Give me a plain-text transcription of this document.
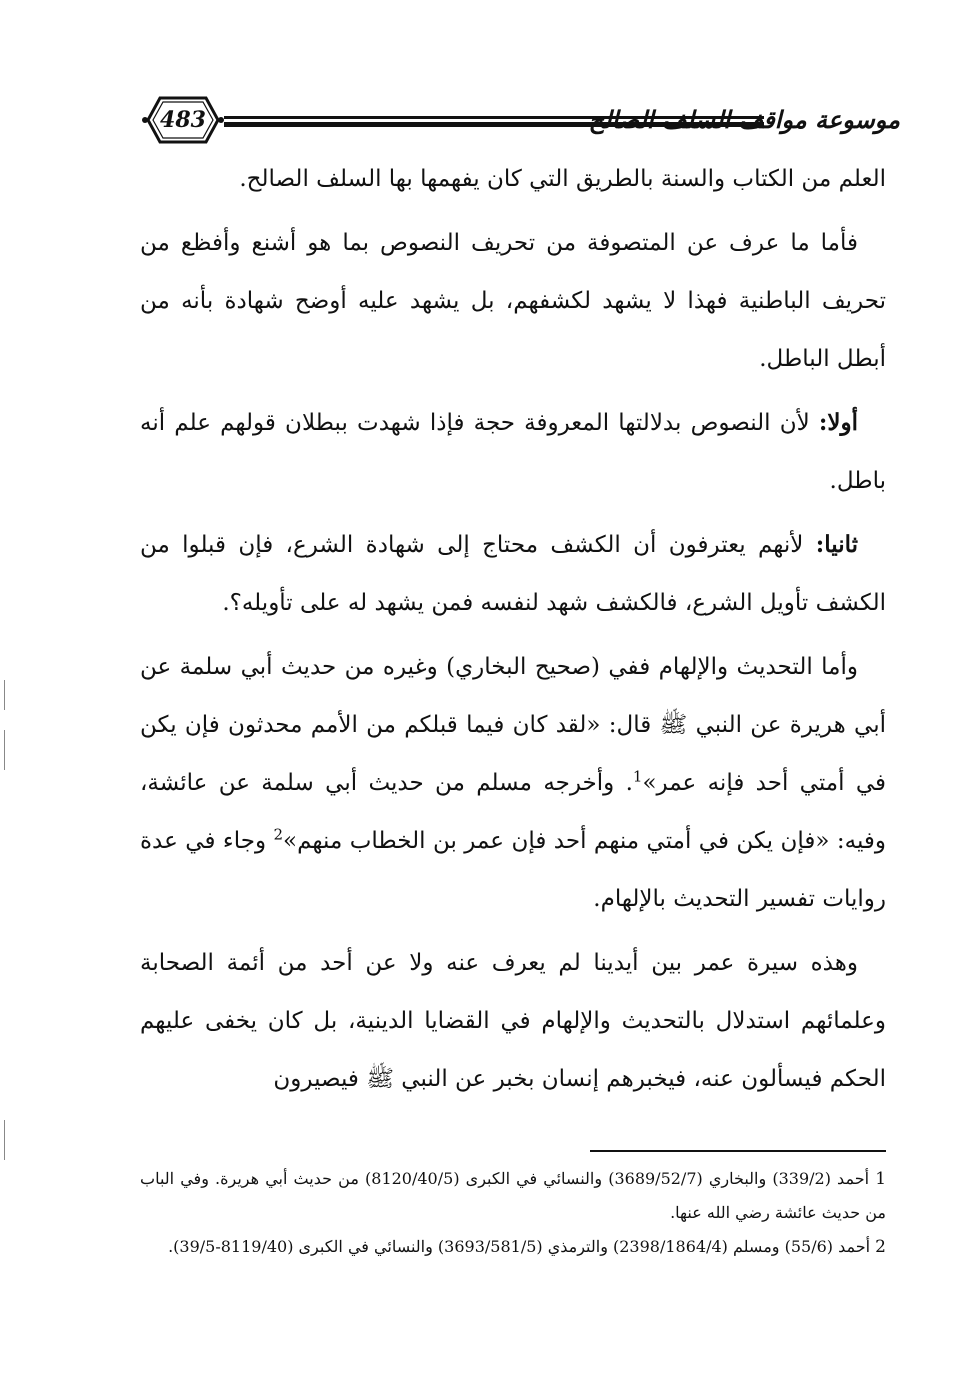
483	موسوعة مواقف السلف الصالح

العلم من الكتاب والسنة بالطريق التي كان يفهمها بها السلف الصالح.

فأما ما عرف عن المتصوفة من تحريف النصوص بما هو أشنع وأفظع من تحريف الباطنية فهذا لا يشهد لكشفهم، بل يشهد عليه أوضح شهادة بأنه من أبطل الباطل.

أولا: لأن النصوص بدلالتها المعروفة حجة فإذا شهدت ببطلان قولهم علم أنه باطل.

ثانيا: لأنهم يعترفون أن الكشف محتاج إلى شهادة الشرع، فإن قبلوا من الكشف تأويل الشرع، فالكشف شهد لنفسه فمن يشهد له على تأويله؟.

وأما التحديث والإلهام ففي (صحيح البخاري) وغيره من حديث أبي سلمة عن أبي هريرة عن النبي ﷺ قال: «لقد كان فيما قبلكم من الأمم محدثون فإن يكن في أمتي أحد فإنه عمر»$^1$. وأخرجه مسلم من حديث أبي سلمة عن عائشة، وفيه: «فإن يكن في أمتي منهم أحد فإن عمر بن الخطاب منهم»$^2$ وجاء في عدة روايات تفسير التحديث بالإلهام.

وهذه سيرة عمر بين أيدينا لم يعرف عنه ولا عن أحد من أئمة الصحابة وعلمائهم استدلال بالتحديث والإلهام في القضايا الدينية، بل كان يخفى عليهم الحكم فيسألون عنه، فيخبرهم إنسان بخبر عن النبي ﷺ فيصيرون

1 أحمد (339/2) والبخاري (3689/52/7) والنسائي في الكبرى (8120/40/5) من حديث أبي هريرة. وفي الباب من حديث عائشة رضي الله عنها.

2 أحمد (55/6) ومسلم (2398/1864/4) والترمذي (3693/581/5) والنسائي في الكبرى (8119/40-39/5).
